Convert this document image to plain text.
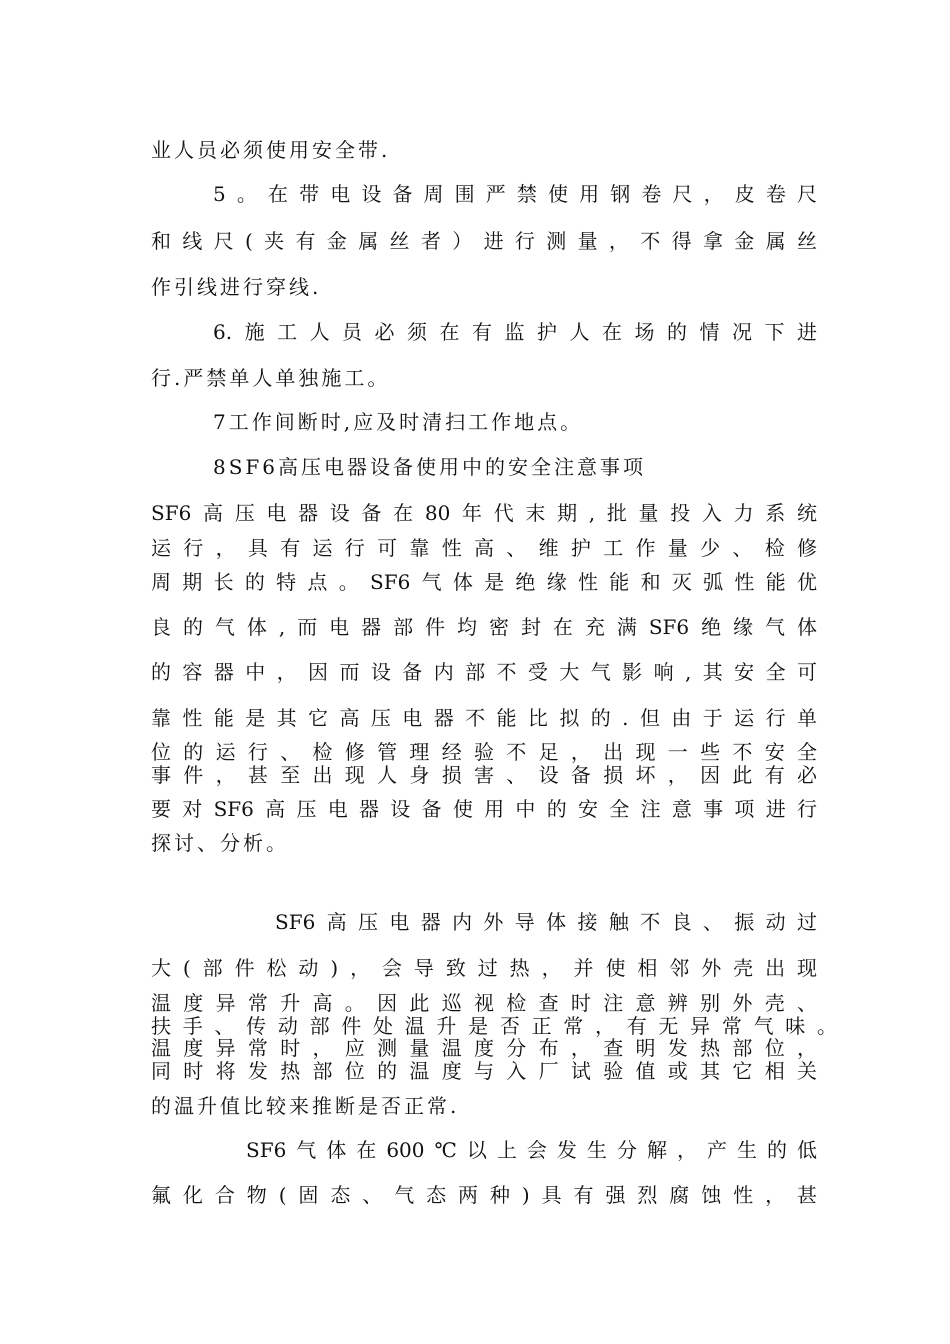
业人员必须使用安全带.
5。在带电设备周围严禁使用钢卷尺，皮卷尺
和线尺(夹有金属丝者）进行测量，不得拿金属丝
作引线进行穿线.
6.施工人员必须在有监护人在场的情况下进
行.严禁单人单独施工。
7工作间断时,应及时清扫工作地点。
8SF6高压电器设备使用中的安全注意事项
SF6高压电器设备在80年代末期,批量投入力系统
运行，具有运行可靠性高、维护工作量少、检修
周期长的特点。SF6气体是绝缘性能和灭弧性能优
良的气体,而电器部件均密封在充满SF6绝缘气体
的容器中，因而设备内部不受大气影响,其安全可
靠性能是其它高压电器不能比拟的.但由于运行单
位的运行、检修管理经验不足，出现一些不安全
事件，甚至出现人身损害、设备损坏，因此有必
要对SF6高压电器设备使用中的安全注意事项进行
探讨、分析。
SF6高压电器内外导体接触不良、振动过
大(部件松动)，会导致过热，并使相邻外壳出现
温度异常升高。因此巡视检查时注意辨别外壳、
扶手、传动部件处温升是否正常，有无异常气味。
温度异常时，应测量温度分布，查明发热部位，
同时将发热部位的温度与入厂试验值或其它相关
的温升值比较来推断是否正常.
SF6气体在600℃以上会发生分解，产生的低
氟化合物(固态、气态两种)具有强烈腐蚀性，甚
